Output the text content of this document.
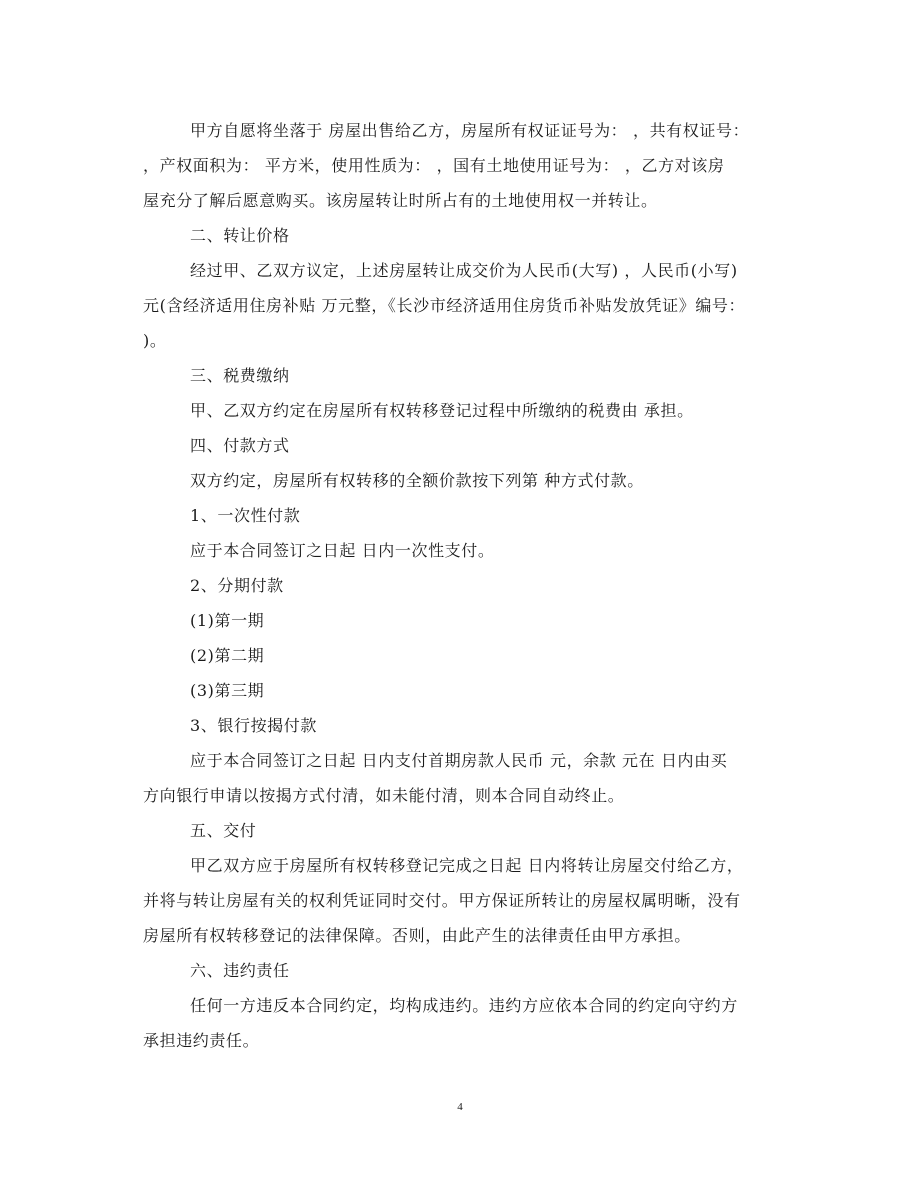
甲方自愿将坐落于 房屋出售给乙方，房屋所有权证证号为： ，共有权证号：
，产权面积为： 平方米，使用性质为： ，国有土地使用证号为： ，乙方对该房
屋充分了解后愿意购买。该房屋转让时所占有的土地使用权一并转让。
二、转让价格
经过甲、乙双方议定，上述房屋转让成交价为人民币(大写) ，人民币(小写)
元(含经济适用住房补贴 万元整，《长沙市经济适用住房货币补贴发放凭证》编号：
)。
三、税费缴纳
甲、乙双方约定在房屋所有权转移登记过程中所缴纳的税费由 承担。
四、付款方式
双方约定，房屋所有权转移的全额价款按下列第 种方式付款。
1、一次性付款
应于本合同签订之日起 日内一次性支付。
2、分期付款
(1)第一期
(2)第二期
(3)第三期
3、银行按揭付款
应于本合同签订之日起 日内支付首期房款人民币 元，余款 元在 日内由买
方向银行申请以按揭方式付清，如未能付清，则本合同自动终止。
五、交付
甲乙双方应于房屋所有权转移登记完成之日起 日内将转让房屋交付给乙方，
并将与转让房屋有关的权利凭证同时交付。甲方保证所转让的房屋权属明晰，没有
房屋所有权转移登记的法律保障。否则，由此产生的法律责任由甲方承担。
六、违约责任
任何一方违反本合同约定，均构成违约。违约方应依本合同的约定向守约方
承担违约责任。
4
